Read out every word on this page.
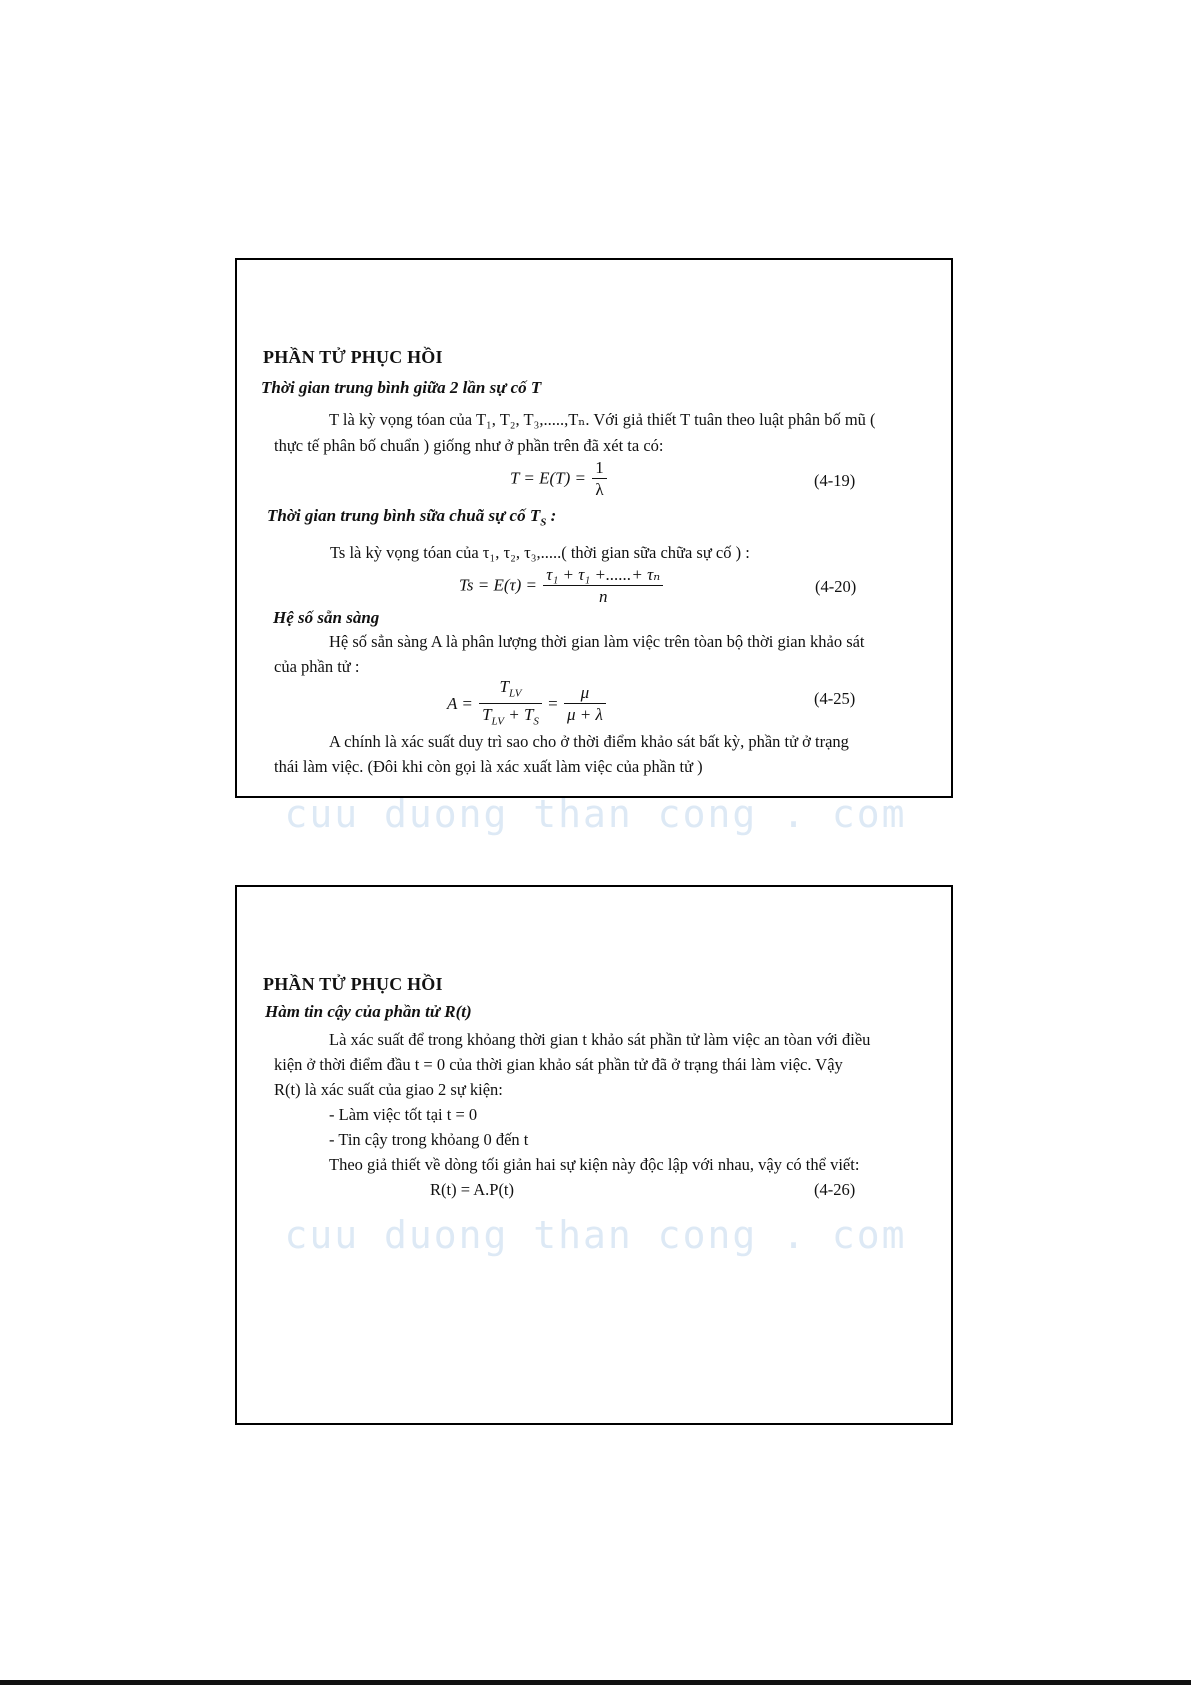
PHẦN TỬ PHỤC HỒI
Thời gian trung bình giữa 2 lần sự cố T
T là kỳ vọng tóan của T₁, T₂, T₃,.....,Tₙ. Với giả thiết T tuân theo luật phân bố mũ (
thực tế phân bố chuẩn ) giống như ở phần trên đã xét ta có:
$T = E(T) = \frac{1}{\lambda}$	(4-19)
Thời gian trung bình sữa chuã sự cố $T_S$ :
Ts là kỳ vọng tóan của τ₁, τ₂, τ₃,.....( thời gian sữa chữa sự cố ) :
$Ts = E(\tau) = \frac{\text{τ₁ + τ₁ +......+ τₙ}}{n}$	(4-20)
Hệ số sẵn sàng
Hệ số sẳn sàng A là phân lượng thời gian làm việc trên tòan bộ thời gian khảo sát
của phần tử :
$A = \frac{T_{LV}}{T_{LV} + T_S} = \frac{\mu}{\mu + \lambda}$	(4-25)
A chính là xác suất duy trì sao cho ở thời điểm khảo sát bất kỳ, phần tử ở trạng
thái làm việc. (Đôi khi còn gọi là xác xuất làm việc của phần tử )
cuu duong than cong . com
PHẦN TỬ PHỤC HỒI
Hàm tin cậy của phần tử R(t)
Là xác suất để trong khỏang thời gian t khảo sát phần tử làm việc an tòan với điều
kiện ở thời điểm đầu t = 0 của thời gian khảo sát phần tử đã ở trạng thái làm việc. Vậy
R(t) là xác suất của giao 2 sự kiện:
- Làm việc tốt tại t = 0
- Tin cậy trong khỏang 0 đến t
Theo giả thiết về dòng tối giản hai sự kiện này độc lập với nhau, vậy có thể viết:
R(t) = A.P(t)	(4-26)
cuu duong than cong . com
